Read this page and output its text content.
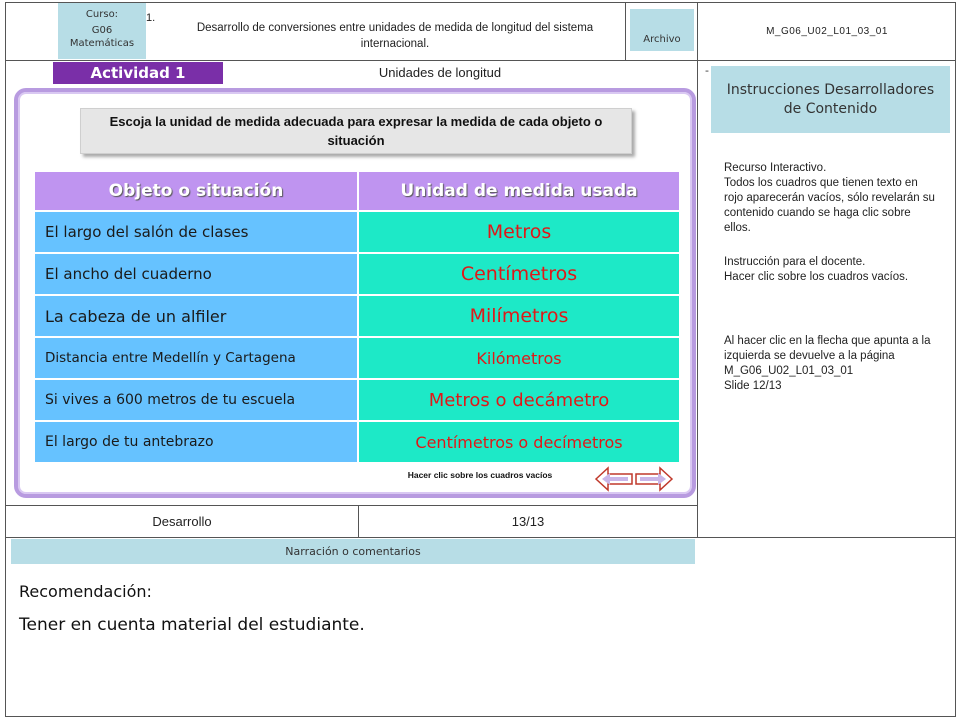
Curso:
G06
Matemáticas
1.
Desarrollo de conversiones entre unidades de medida de longitud del sistema internacional.	Archivo
M_G06_U02_L01_03_01
Actividad 1	Unidades de longitud
Escoja la unidad de medida adecuada para expresar la medida de cada objeto o situación
Objeto o situación	Unidad de medida usada
El largo del salón de clases	Metros
El ancho del cuaderno	Centímetros
La cabeza de un alfiler	Milímetros
Distancia entre Medellín y Cartagena	Kilómetros
Si vives a 600 metros de tu escuela	Metros o decámetro
El largo de tu antebrazo	Centímetros o decímetros
Hacer clic sobre los cuadros vacíos
-
Instrucciones Desarrolladores de Contenido
Recurso Interactivo.
Todos los cuadros que tienen texto en rojo aparecerán vacíos, sólo revelarán su contenido cuando se haga clic sobre ellos.
Instrucción para el docente.
Hacer clic sobre los cuadros vacíos.
Al hacer clic en la flecha que apunta a la izquierda se devuelve a la página
M_G06_U02_L01_03_01
Slide 12/13
Desarrollo	13/13
Narración o comentarios
Recomendación:
Tener en cuenta material del estudiante.
